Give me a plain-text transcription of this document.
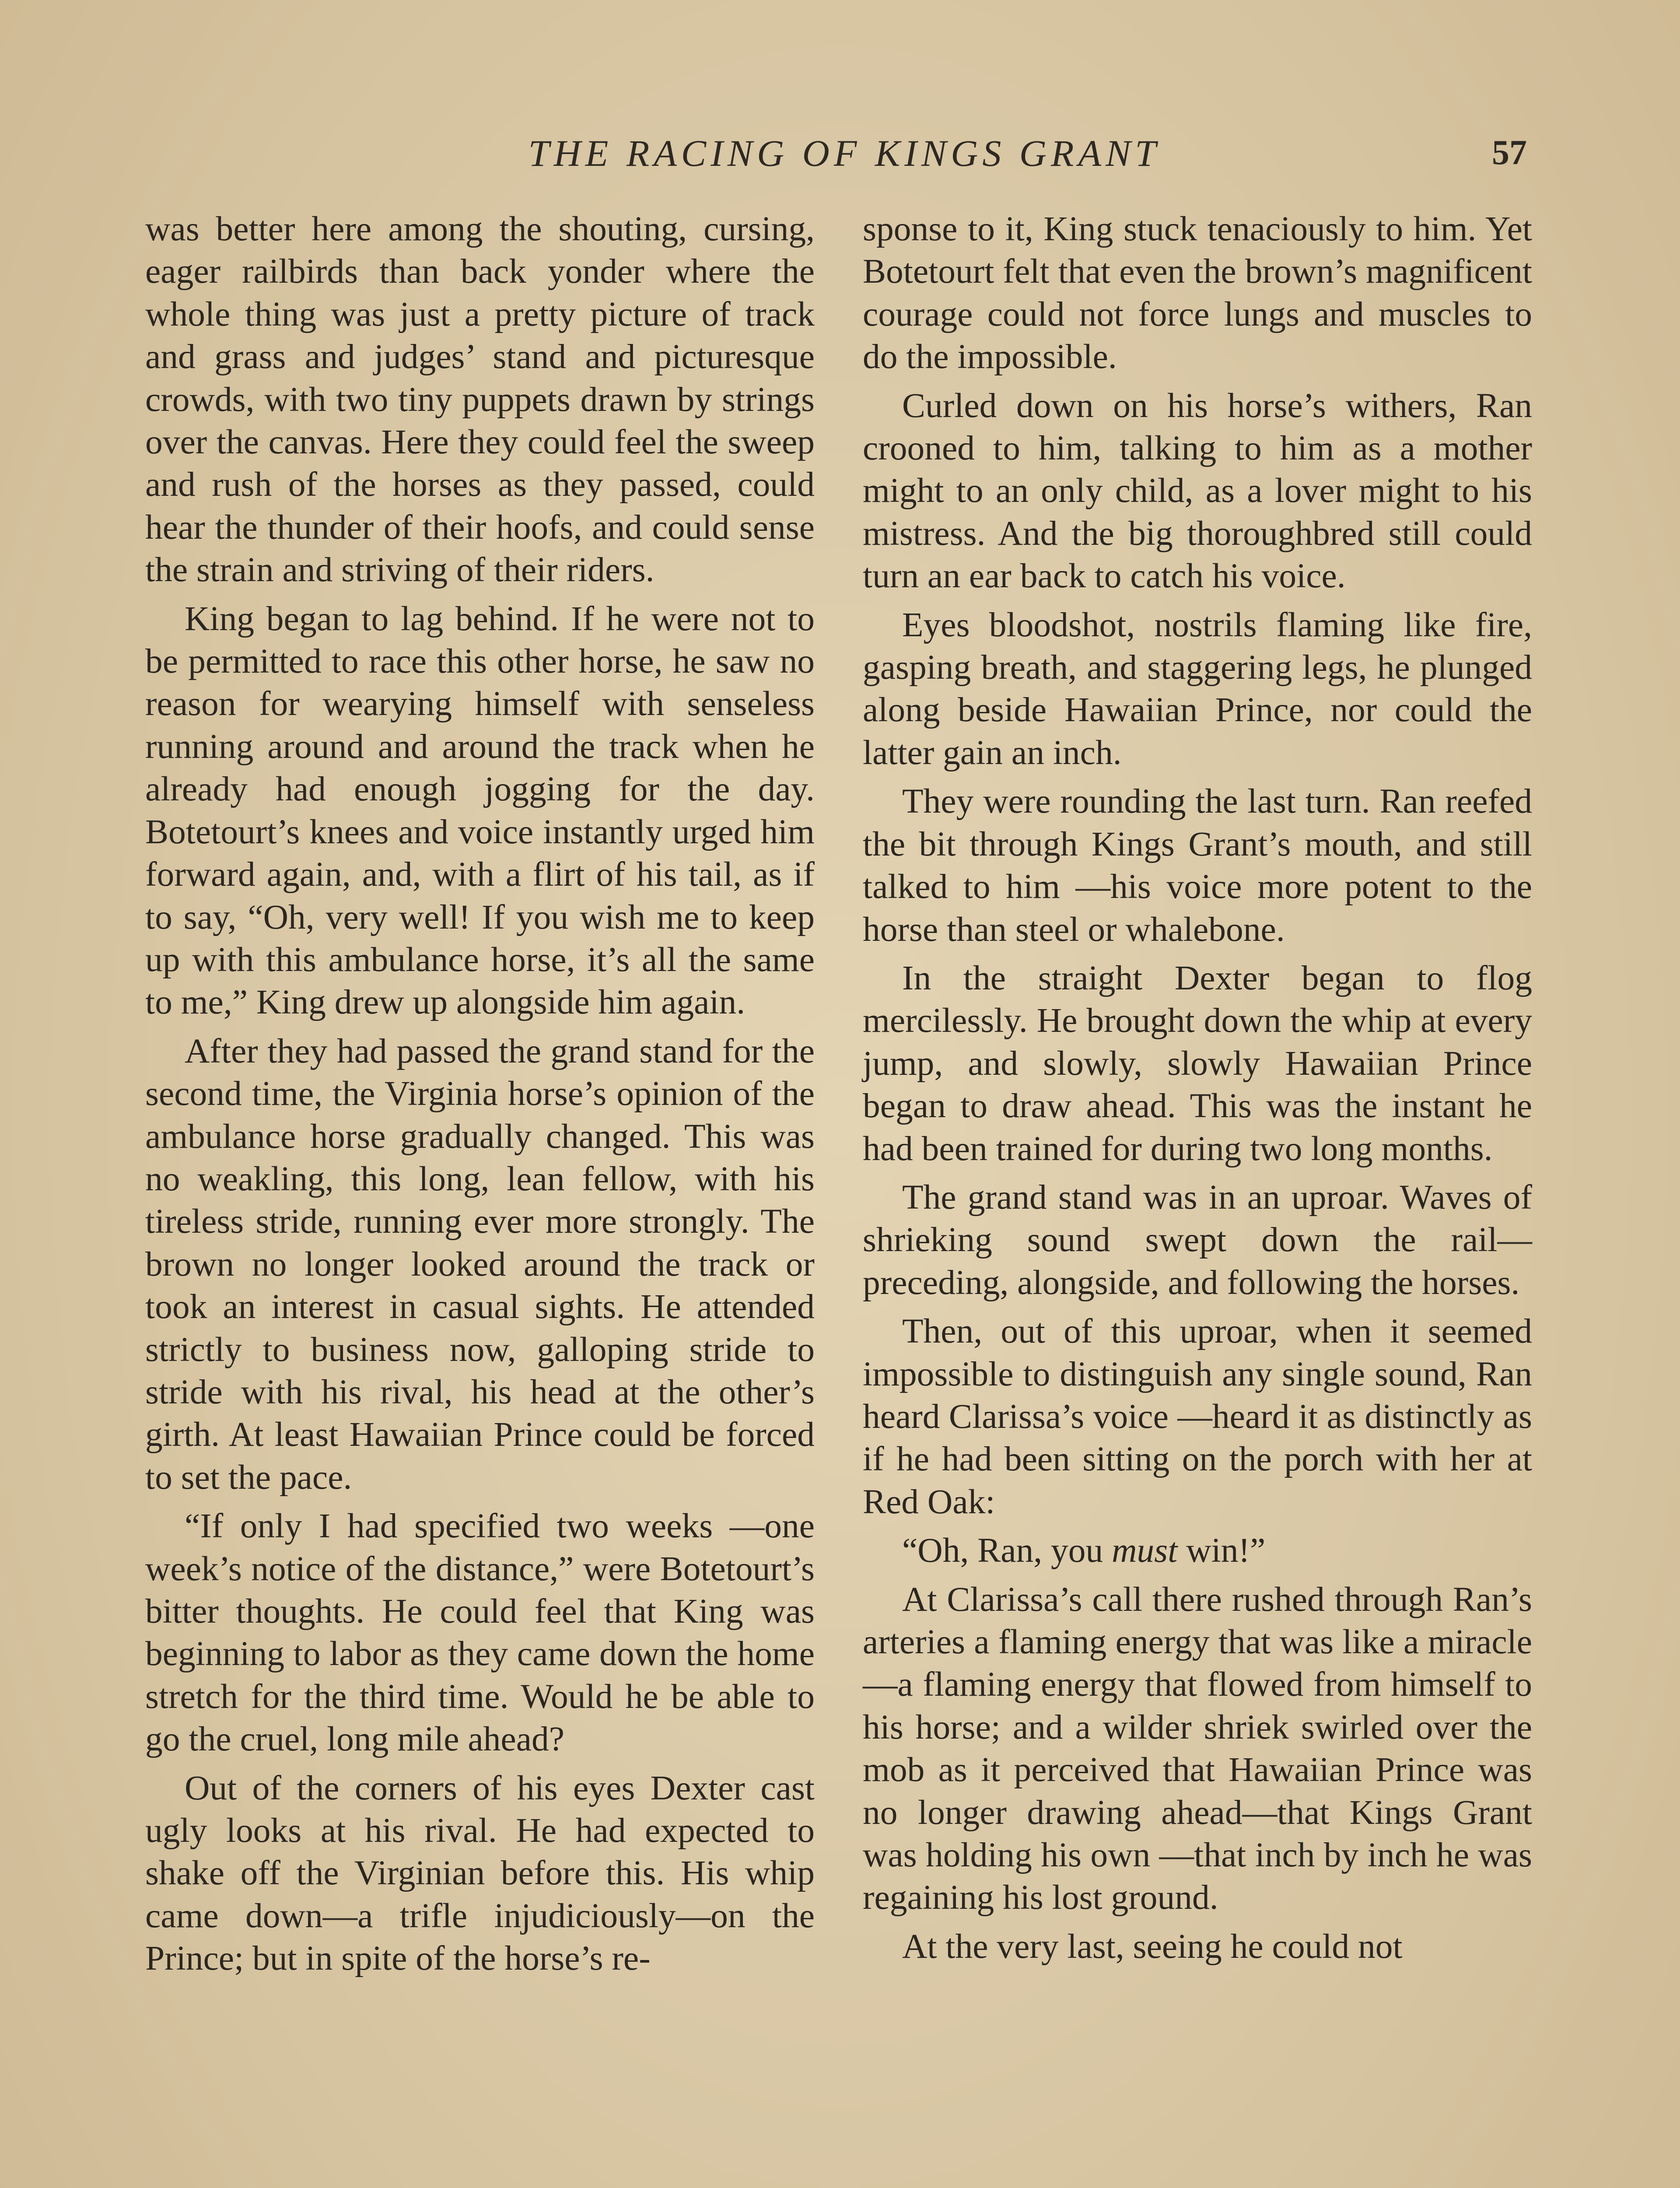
THE RACING OF KINGS GRANT	57

was better here among the shouting, cursing, eager railbirds than back yonder where the whole thing was just a pretty picture of track and grass and judges’ stand and picturesque crowds, with two tiny puppets drawn by strings over the canvas. Here they could feel the sweep and rush of the horses as they passed, could hear the thunder of their hoofs, and could sense the strain and striving of their riders.

King began to lag behind. If he were not to be permitted to race this other horse, he saw no reason for wearying himself with senseless running around and around the track when he already had enough jogging for the day. Botetourt’s knees and voice instantly urged him forward again, and, with a flirt of his tail, as if to say, “Oh, very well! If you wish me to keep up with this ambulance horse, it’s all the same to me,” King drew up alongside him again.

After they had passed the grand stand for the second time, the Virginia horse’s opinion of the ambulance horse gradually changed. This was no weakling, this long, lean fellow, with his tireless stride, running ever more strongly. The brown no longer looked around the track or took an interest in casual sights. He attended strictly to business now, galloping stride to stride with his rival, his head at the other’s girth. At least Hawaiian Prince could be forced to set the pace.

“If only I had specified two weeks —one week’s notice of the distance,” were Botetourt’s bitter thoughts. He could feel that King was beginning to labor as they came down the home stretch for the third time. Would he be able to go the cruel, long mile ahead?

Out of the corners of his eyes Dexter cast ugly looks at his rival. He had expected to shake off the Virginian before this. His whip came down—a trifle injudiciously—on the Prince; but in spite of the horse’s re-

sponse to it, King stuck tenaciously to him. Yet Botetourt felt that even the brown’s magnificent courage could not force lungs and muscles to do the impossible.

Curled down on his horse’s withers, Ran crooned to him, talking to him as a mother might to an only child, as a lover might to his mistress. And the big thoroughbred still could turn an ear back to catch his voice.

Eyes bloodshot, nostrils flaming like fire, gasping breath, and staggering legs, he plunged along beside Hawaiian Prince, nor could the latter gain an inch.

They were rounding the last turn. Ran reefed the bit through Kings Grant’s mouth, and still talked to him —his voice more potent to the horse than steel or whalebone.

In the straight Dexter began to flog mercilessly. He brought down the whip at every jump, and slowly, slowly Hawaiian Prince began to draw ahead. This was the instant he had been trained for during two long months.

The grand stand was in an uproar. Waves of shrieking sound swept down the rail—preceding, alongside, and following the horses.

Then, out of this uproar, when it seemed impossible to distinguish any single sound, Ran heard Clarissa’s voice —heard it as distinctly as if he had been sitting on the porch with her at Red Oak:

“Oh, Ran, you must win!”

At Clarissa’s call there rushed through Ran’s arteries a flaming energy that was like a miracle—a flaming energy that flowed from himself to his horse; and a wilder shriek swirled over the mob as it perceived that Hawaiian Prince was no longer drawing ahead—that Kings Grant was holding his own —that inch by inch he was regaining his lost ground.

At the very last, seeing he could not
